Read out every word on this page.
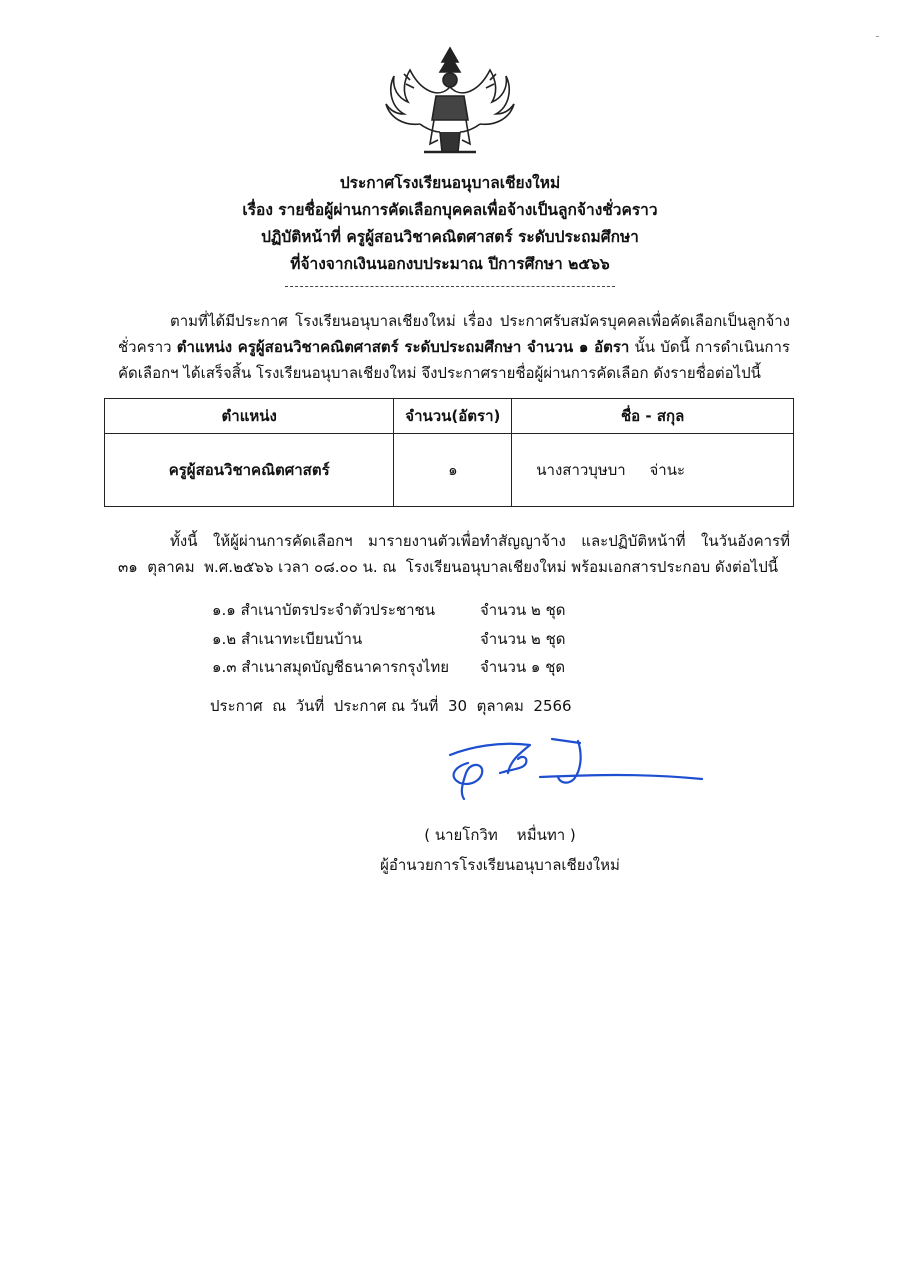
ประกาศโรงเรียนอนุบาลเชียงใหม่
เรื่อง รายชื่อผู้ผ่านการคัดเลือกบุคคลเพื่อจ้างเป็นลูกจ้างชั่วคราว
ปฏิบัติหน้าที่ ครูผู้สอนวิชาคณิตศาสตร์ ระดับประถมศึกษา
ที่จ้างจากเงินนอกงบประมาณ ปีการศึกษา ๒๕๖๖

ตามที่ได้มีประกาศ โรงเรียนอนุบาลเชียงใหม่ เรื่อง ประกาศรับสมัครบุคคลเพื่อคัดเลือกเป็นลูกจ้าง

ชั่วคราว ตำแหน่ง ครูผู้สอนวิชาคณิตศาสตร์ ระดับประถมศึกษา จำนวน ๑ อัตรา นั้น บัดนี้ การดำเนินการ

คัดเลือกฯ ได้เสร็จสิ้น โรงเรียนอนุบาลเชียงใหม่ จึงประกาศรายชื่อผู้ผ่านการคัดเลือก ดังรายชื่อต่อไปนี้

ตำแหน่ง	จำนวน(อัตรา)	ชื่อ - สกุล
ครูผู้สอนวิชาคณิตศาสตร์	๑	นางสาวบุษบา     จ่านะ

ทั้งนี้ ให้ผู้ผ่านการคัดเลือกฯ มารายงานตัวเพื่อทำสัญญาจ้าง และปฏิบัติหน้าที่ ในวันอังคารที่

๓๑  ตุลาคม  พ.ศ.๒๕๖๖ เวลา ๐๘.๐๐ น. ณ  โรงเรียนอนุบาลเชียงใหม่ พร้อมเอกสารประกอบ ดังต่อไปนี้

๑.๑ สำเนาบัตรประจำตัวประชาชน	จำนวน ๒ ชุด
๑.๒ สำเนาทะเบียนบ้าน	จำนวน ๒ ชุด
๑.๓ สำเนาสมุดบัญชีธนาคารกรุงไทย	จำนวน ๑ ชุด
ประกาศ  ณ  วันที่  ประกาศ ณ วันที่  30  ตุลาคม  2566
( นายโกวิท    หมื่นทา )
ผู้อำนวยการโรงเรียนอนุบาลเชียงใหม่
